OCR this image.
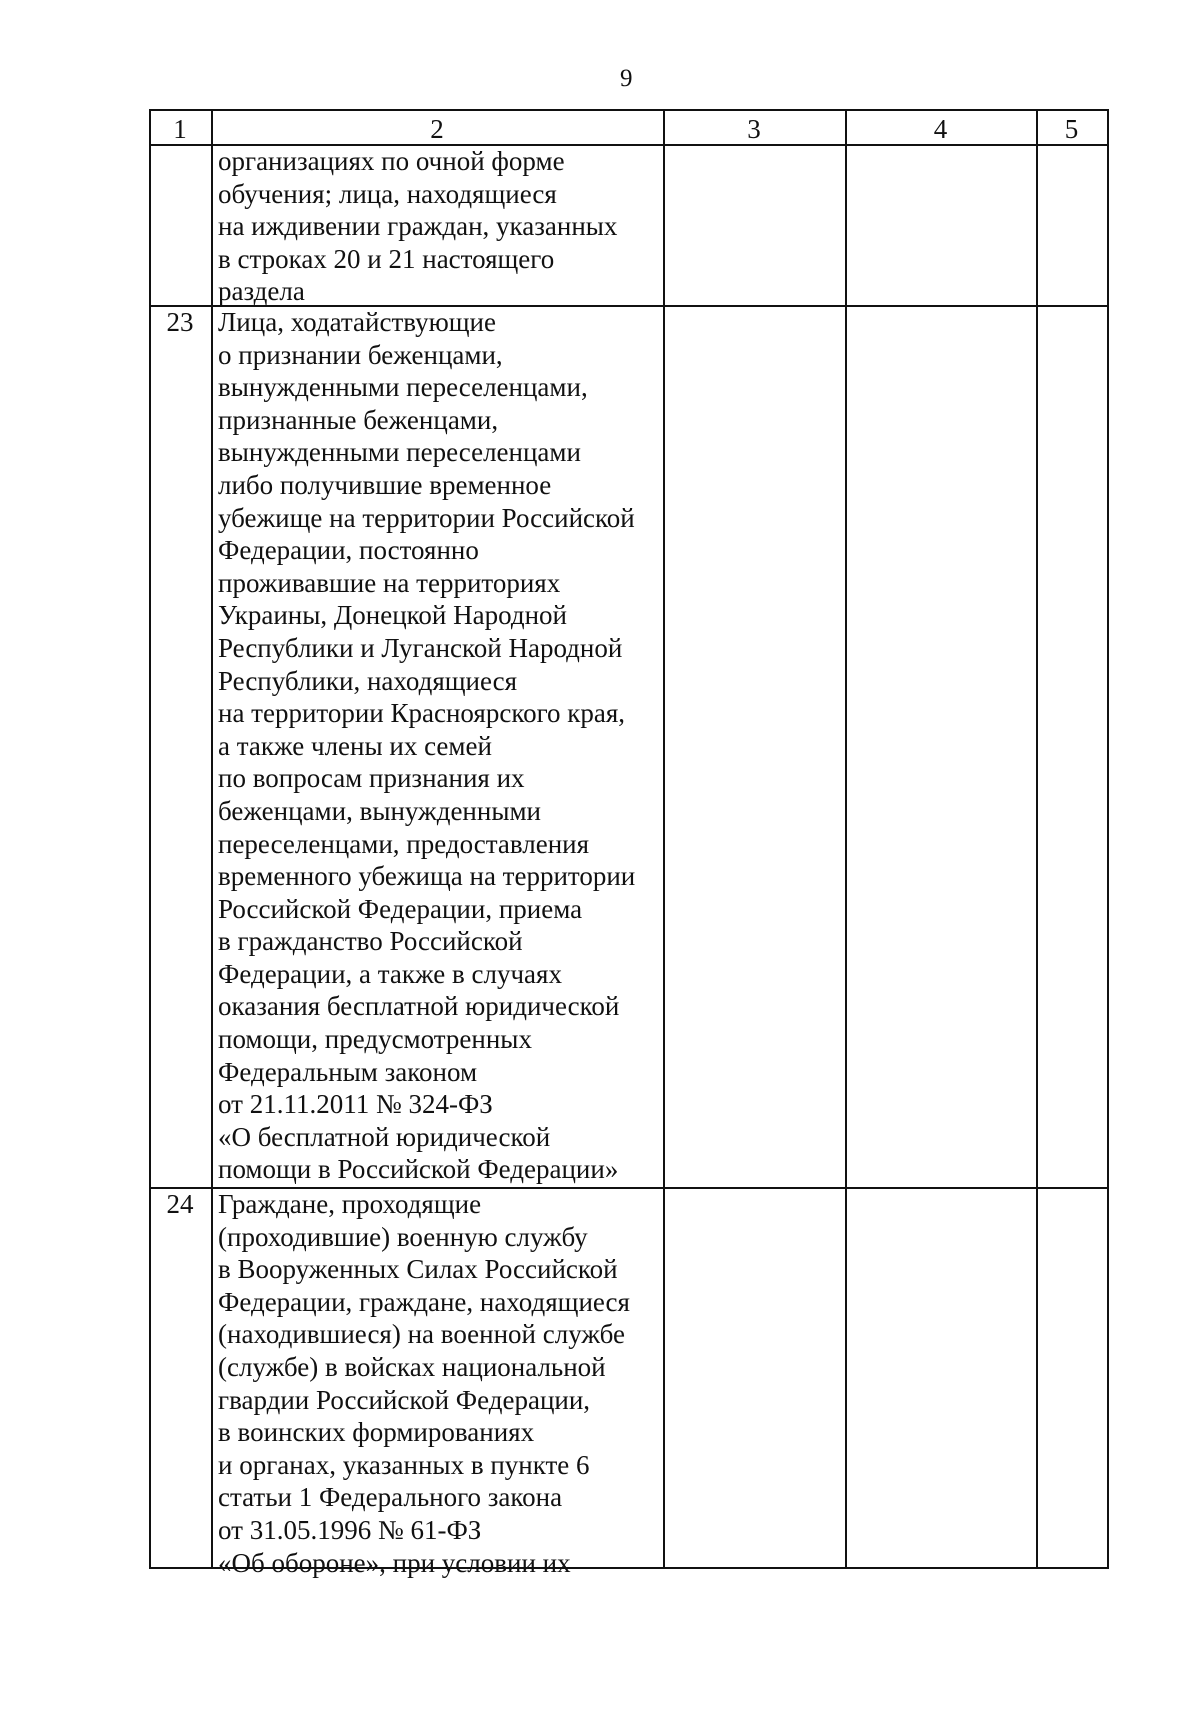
9
1	2	3	4	5
организациях по очной форме
обучения; лица, находящиеся
на иждивении граждан, указанных
в строках 20 и 21 настоящего
раздела
23 Лица, ходатайствующие
о признании беженцами,
вынужденными переселенцами,
признанные беженцами,
вынужденными переселенцами
либо получившие временное
убежище на территории Российской
Федерации, постоянно
проживавшие на территориях
Украины, Донецкой Народной
Республики и Луганской Народной
Республики, находящиеся
на территории Красноярского края,
а также члены их семей
по вопросам признания их
беженцами, вынужденными
переселенцами, предоставления
временного убежища на территории
Российской Федерации, приема
в гражданство Российской
Федерации, а также в случаях
оказания бесплатной юридической
помощи, предусмотренных
Федеральным законом
от 21.11.2011 № 324-ФЗ
«О бесплатной юридической
помощи в Российской Федерации»
24 Граждане, проходящие
(проходившие) военную службу
в Вооруженных Силах Российской
Федерации, граждане, находящиеся
(находившиеся) на военной службе
(службе) в войсках национальной
гвардии Российской Федерации,
в воинских формированиях
и органах, указанных в пункте 6
статьи 1 Федерального закона
от 31.05.1996 № 61-ФЗ
«Об обороне», при условии их
